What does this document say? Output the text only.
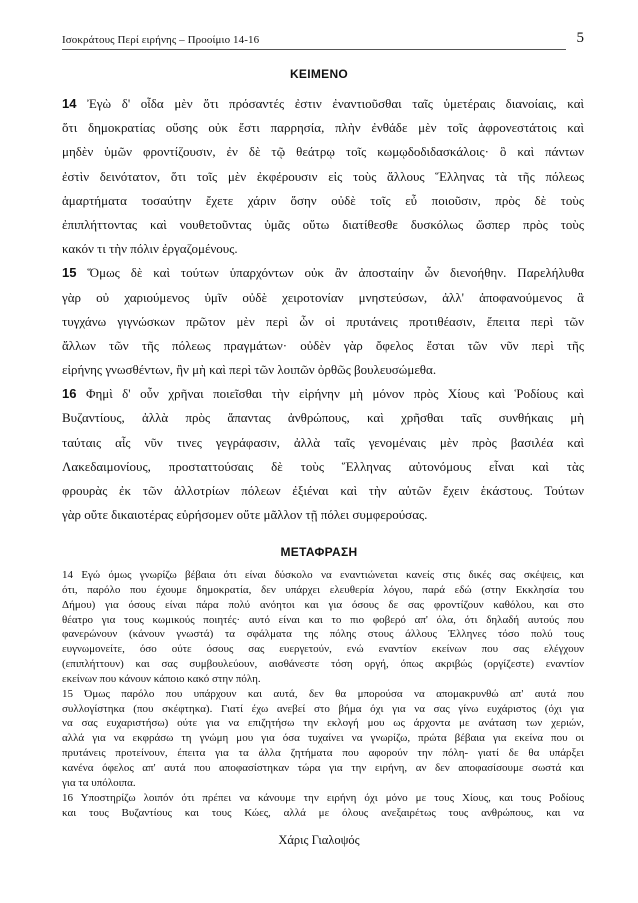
Ισοκράτους Περί ειρήνης – Προοίμιο 14-16	5
ΚΕΙΜΕΝΟ
14 Ἐγὼ δ' οἶδα μὲν ὅτι πρόσαντές ἐστιν ἐναντιοῦσθαι ταῖς ὑμετέραις διανοίαις, καὶ
ὅτι δημοκρατίας οὔσης οὐκ ἔστι παρρησία, πλὴν ἐνθάδε μὲν τοῖς ἀφρονεστάτοις καὶ
μηδὲν ὑμῶν φροντίζουσιν, ἐν δὲ τῷ θεάτρῳ τοῖς κωμῳδοδιδασκάλοις· ὃ καὶ πάντων
ἐστὶν δεινότατον, ὅτι τοῖς μὲν ἐκφέρουσιν εἰς τοὺς ἄλλους Ἕλληνας τὰ τῆς πόλεως
ἁμαρτήματα τοσαύτην ἔχετε χάριν ὅσην οὐδὲ τοῖς εὖ ποιοῦσιν, πρὸς δὲ τοὺς
ἐπιπλήττοντας καὶ νουθετοῦντας ὑμᾶς οὕτω διατίθεσθε δυσκόλως ὥσπερ πρὸς τοὺς
κακόν τι τὴν πόλιν ἐργαζομένους.
15 Ὅμως δὲ καὶ τούτων ὑπαρχόντων οὐκ ἂν ἀποσταίην ὧν διενοήθην. Παρελήλυθα
γὰρ οὐ χαριούμενος ὑμῖν οὐδὲ χειροτονίαν μνηστεύσων, ἀλλ' ἀποφανούμενος ἃ
τυγχάνω γιγνώσκων πρῶτον μὲν περὶ ὧν οἱ πρυτάνεις προτιθέασιν, ἔπειτα περὶ τῶν
ἄλλων τῶν τῆς πόλεως πραγμάτων· οὐδὲν γὰρ ὄφελος ἔσται τῶν νῦν περὶ τῆς
εἰρήνης γνωσθέντων, ἢν μὴ καὶ περὶ τῶν λοιπῶν ὀρθῶς βουλευσώμεθα.
16 Φημὶ δ' οὖν χρῆναι ποιεῖσθαι τὴν εἰρήνην μὴ μόνον πρὸς Χίους καὶ Ῥοδίους καὶ
Βυζαντίους, ἀλλὰ πρὸς ἅπαντας ἀνθρώπους, καὶ χρῆσθαι ταῖς συνθήκαις μὴ
ταύταις αἷς νῦν τινες γεγράφασιν, ἀλλὰ ταῖς γενομέναις μὲν πρὸς βασιλέα καὶ
Λακεδαιμονίους, προσταττούσαις δὲ τοὺς Ἕλληνας αὐτονόμους εἶναι καὶ τὰς
φρουρὰς ἐκ τῶν ἀλλοτρίων πόλεων ἐξιέναι καὶ τὴν αὑτῶν ἔχειν ἑκάστους. Τούτων
γὰρ οὔτε δικαιοτέρας εὑρήσομεν οὔτε μᾶλλον τῇ πόλει συμφερούσας.
ΜΕΤΑΦΡΑΣΗ
14 Εγώ όμως γνωρίζω βέβαια ότι είναι δύσκολο να εναντιώνεται κανείς στις δικές σας σκέψεις, και
ότι, παρόλο που έχουμε δημοκρατία, δεν υπάρχει ελευθερία λόγου, παρά εδώ (στην Εκκλησία του
Δήμου) για όσους είναι πάρα πολύ ανόητοι και για όσους δε σας φροντίζουν καθόλου, και στο
θέατρο για τους κωμικούς ποιητές· αυτό είναι και το πιο φοβερό απ' όλα, ότι δηλαδή αυτούς που
φανερώνουν (κάνουν γνωστά) τα σφάλματα της πόλης στους άλλους Έλληνες τόσο πολύ τους
ευγνωμονείτε, όσο ούτε όσους σας ευεργετούν, ενώ εναντίον εκείνων που σας ελέγχουν
(επιπλήττουν) και σας συμβουλεύουν, αισθάνεστε τόση οργή, όπως ακριβώς (οργίζεστε) εναντίον
εκείνων που κάνουν κάποιο κακό στην πόλη.
15 Όμως παρόλο που υπάρχουν και αυτά, δεν θα μπορούσα να απομακρυνθώ απ' αυτά που
συλλογίστηκα (που σκέφτηκα). Γιατί έχω ανεβεί στο βήμα όχι για να σας γίνω ευχάριστος (όχι για
να σας ευχαριστήσω) ούτε για να επιζητήσω την εκλογή μου ως άρχοντα με ανάταση των χεριών,
αλλά για να εκφράσω τη γνώμη μου για όσα τυχαίνει να γνωρίζω, πρώτα βέβαια για εκείνα που οι
πρυτάνεις προτείνουν, έπειτα για τα άλλα ζητήματα που αφορούν την πόλη- γιατί δε θα υπάρξει
κανένα όφελος απ' αυτά που αποφασίστηκαν τώρα για την ειρήνη, αν δεν αποφασίσουμε σωστά και
για τα υπόλοιπα.
16 Υποστηρίζω λοιπόν ότι πρέπει να κάνουμε την ειρήνη όχι μόνο με τους Χίους, και τους Ροδίους
και τους Βυζαντίους και τους Κώες, αλλά με όλους ανεξαιρέτως τους ανθρώπους, και να
Χάρις Γιαλοψός
